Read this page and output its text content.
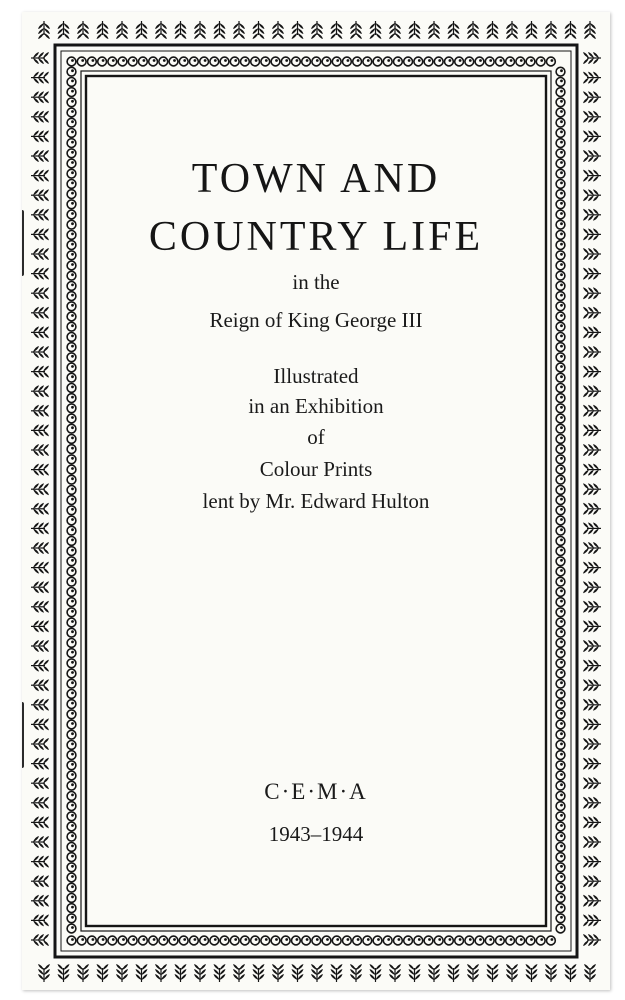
TOWN AND
COUNTRY LIFE
in the
Reign of King George III
Illustrated
in an Exhibition
of
Colour Prints
lent by Mr. Edward Hulton
C·E·M·A
1943–1944
